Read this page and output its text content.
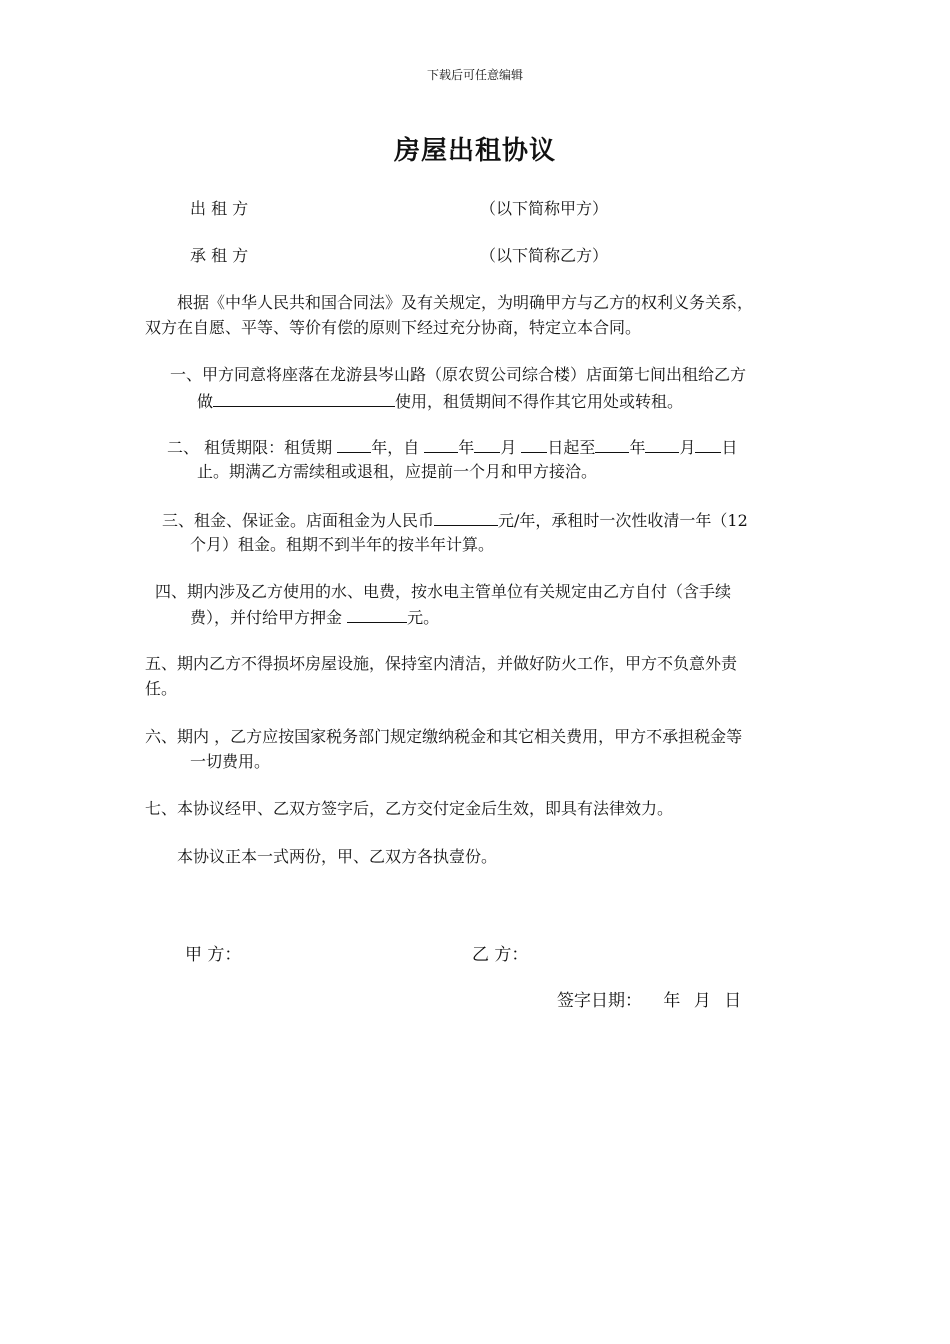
下载后可任意编辑
房屋出租协议
出 租 方	（以下简称甲方）
承 租 方	（以下简称乙方）
根据《中华人民共和国合同法》及有关规定，为明确甲方与乙方的权利义务关系，
双方在自愿、平等、等价有偿的原则下经过充分协商，特定立本合同。
一、甲方同意将座落在龙游县岑山路（原农贸公司综合楼）店面第七间出租给乙方
做	使用，租赁期间不得作其它用处或转租。
二、 租赁期限：租赁期 年，自 年 月 日起至 年 月 日
止。期满乙方需续租或退租，应提前一个月和甲方接洽。
三、租金、保证金。店面租金为人民币	元/年，承租时一次性收清一年（12
个月）租金。租期不到半年的按半年计算。
四、期内涉及乙方使用的水、电费，按水电主管单位有关规定由乙方自付（含手续
费），并付给甲方押金	元。
五、期内乙方不得损坏房屋设施，保持室内清洁，并做好防火工作，甲方不负意外责
任。
六、期内 ，乙方应按国家税务部门规定缴纳税金和其它相关费用，甲方不承担税金等
一切费用。
七、本协议经甲、乙双方签字后，乙方交付定金后生效，即具有法律效力。
本协议正本一式两份，甲、乙双方各执壹份。
甲 方：	乙 方：
签字日期： 年 月 日
